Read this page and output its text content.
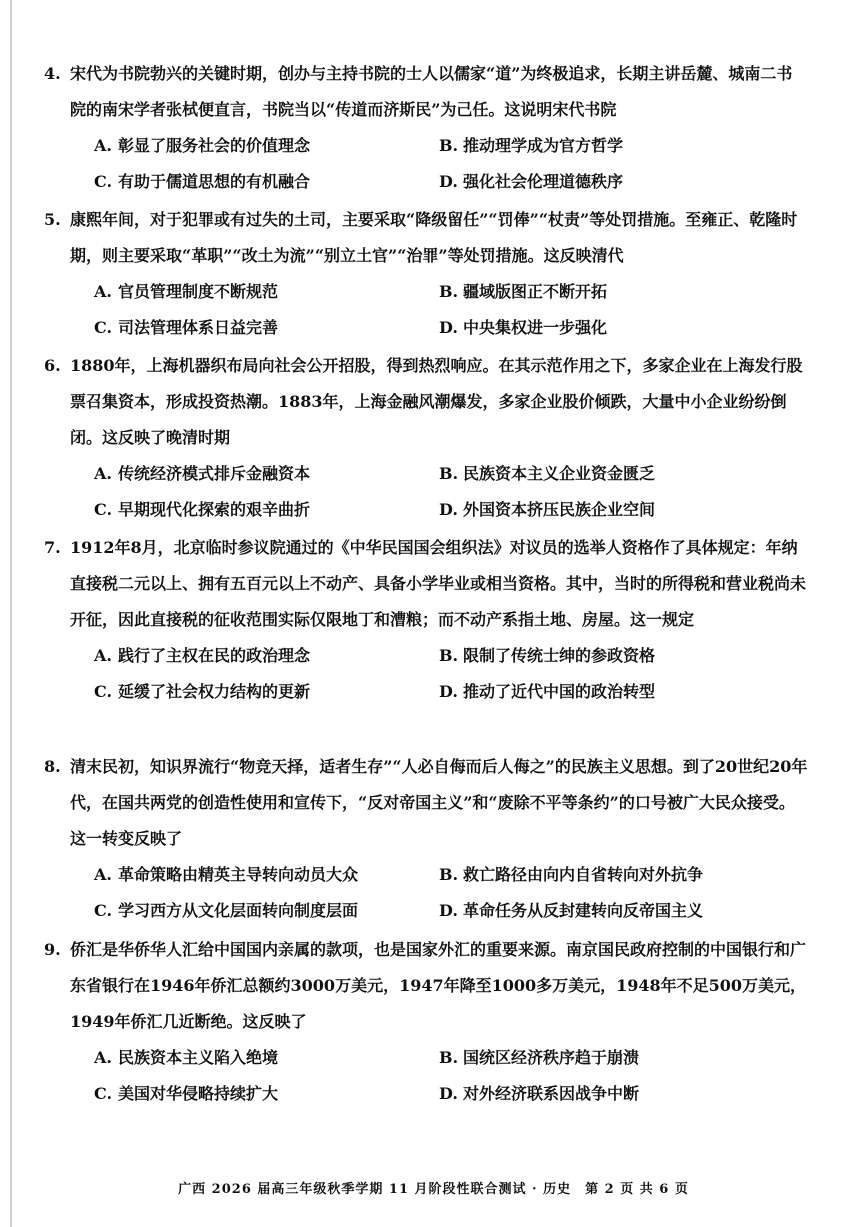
4. 宋代为书院勃兴的关键时期，创办与主持书院的士人以儒家“道”为终极追求，长期主讲岳麓、城南二书院的南宋学者张栻便直言，书院当以“传道而济斯民”为己任。这说明宋代书院

A. 彰显了服务社会的价值理念	B. 推动理学成为官方哲学
C. 有助于儒道思想的有机融合	D. 强化社会伦理道德秩序

5. 康熙年间，对于犯罪或有过失的土司，主要采取“降级留任”“罚俸”“杖责”等处罚措施。至雍正、乾隆时期，则主要采取“革职”“改土为流”“别立土官”“治罪”等处罚措施。这反映清代

A. 官员管理制度不断规范	B. 疆域版图正不断开拓
C. 司法管理体系日益完善	D. 中央集权进一步强化

6. 1880年，上海机器织布局向社会公开招股，得到热烈响应。在其示范作用之下，多家企业在上海发行股票召集资本，形成投资热潮。1883年，上海金融风潮爆发，多家企业股价倾跌，大量中小企业纷纷倒闭。这反映了晚清时期

A. 传统经济模式排斥金融资本	B. 民族资本主义企业资金匮乏
C. 早期现代化探索的艰辛曲折	D. 外国资本挤压民族企业空间

7. 1912年8月，北京临时参议院通过的《中华民国国会组织法》对议员的选举人资格作了具体规定：年纳直接税二元以上、拥有五百元以上不动产、具备小学毕业或相当资格。其中，当时的所得税和营业税尚未开征，因此直接税的征收范围实际仅限地丁和漕粮；而不动产系指土地、房屋。这一规定

A. 践行了主权在民的政治理念	B. 限制了传统士绅的参政资格
C. 延缓了社会权力结构的更新	D. 推动了近代中国的政治转型

8. 清末民初，知识界流行“物竞天择，适者生存”“人必自侮而后人侮之”的民族主义思想。到了20世纪20年代，在国共两党的创造性使用和宣传下，“反对帝国主义”和“废除不平等条约”的口号被广大民众接受。这一转变反映了

A. 革命策略由精英主导转向动员大众	B. 救亡路径由向内自省转向对外抗争
C. 学习西方从文化层面转向制度层面	D. 革命任务从反封建转向反帝国主义

9. 侨汇是华侨华人汇给中国国内亲属的款项，也是国家外汇的重要来源。南京国民政府控制的中国银行和广东省银行在1946年侨汇总额约3000万美元，1947年降至1000多万美元，1948年不足500万美元，1949年侨汇几近断绝。这反映了

A. 民族资本主义陷入绝境	B. 国统区经济秩序趋于崩溃
C. 美国对华侵略持续扩大	D. 对外经济联系因战争中断
广西 2026 届高三年级秋季学期 11 月阶段性联合测试 · 历史　第 2 页 共 6 页
